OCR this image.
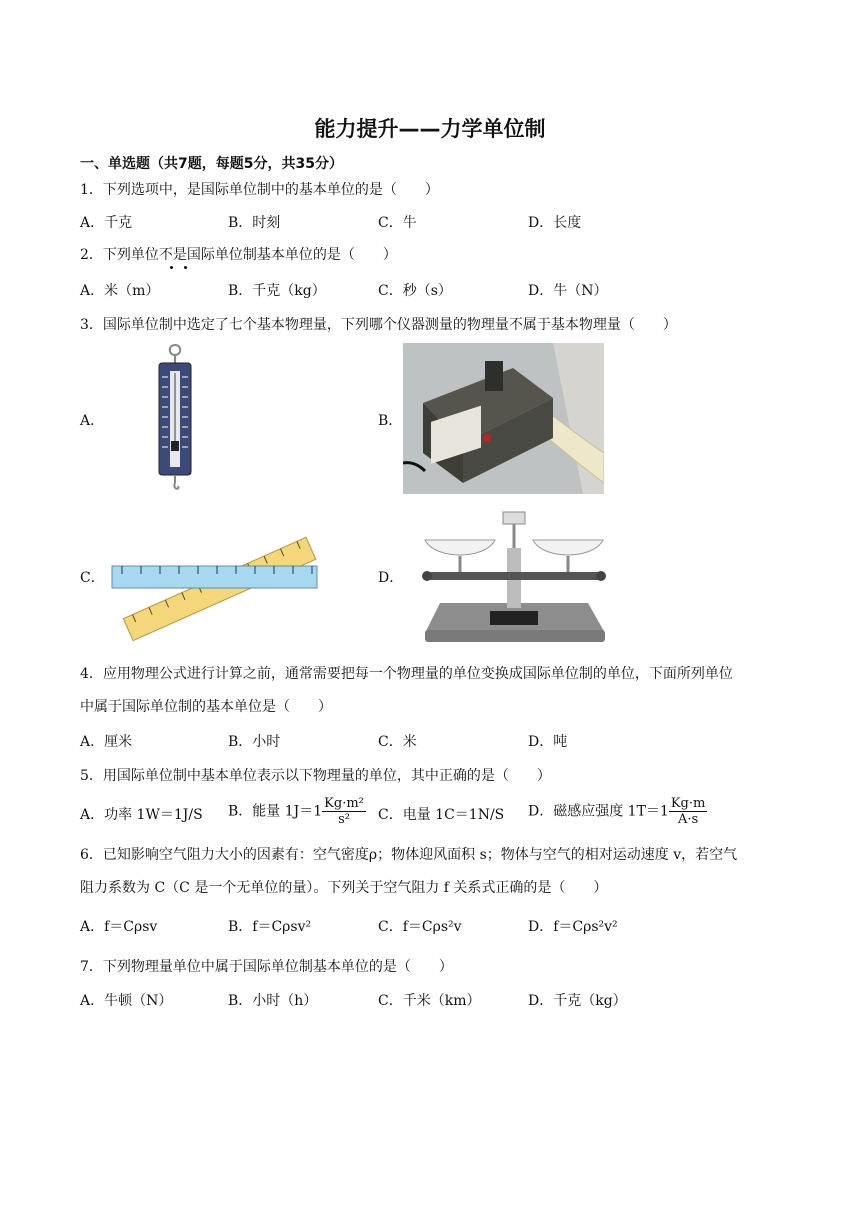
能力提升——力学单位制
一、单选题（共7题，每题5分，共35分）
1．下列选项中，是国际单位制中的基本单位的是（　　）
A．千克	B．时刻	C．牛	D．长度
2．下列单位不是国际单位制基本单位的是（　　）
A．米（m）	B．千克（kg）	C．秒（s）	D．牛（N）
3．国际单位制中选定了七个基本物理量，下列哪个仪器测量的物理量不属于基本物理量（　　）
A．	B．
C．	D．
4．应用物理公式进行计算之前，通常需要把每一个物理量的单位变换成国际单位制的单位，下面所列单位
中属于国际单位制的基本单位是（　　）
A．厘米	B．小时	C．米	D．吨
5．用国际单位制中基本单位表示以下物理量的单位，其中正确的是（　　）
A．功率 1W＝1J/S B．能量 $1J=1 \frac{\text{Kg·m²}}{\text{s²}}$ C．电量 1C＝1N/S D．磁感应强度 $1T=1 \frac{Kg\cdot m}{A\cdot s}$
6．已知影响空气阻力大小的因素有：空气密度ρ；物体迎风面积 s；物体与空气的相对运动速度 v，若空气
阻力系数为 C（C 是一个无单位的量）。下列关于空气阻力 f 关系式正确的是（　　）
A．f＝Cρsv	B．f＝Cρsv²	C．f＝Cρs²v	D．f＝Cρs²v²
7．下列物理量单位中属于国际单位制基本单位的是（　　）
A．牛顿（N）	B．小时（h）	C．千米（km）	D．千克（kg）
